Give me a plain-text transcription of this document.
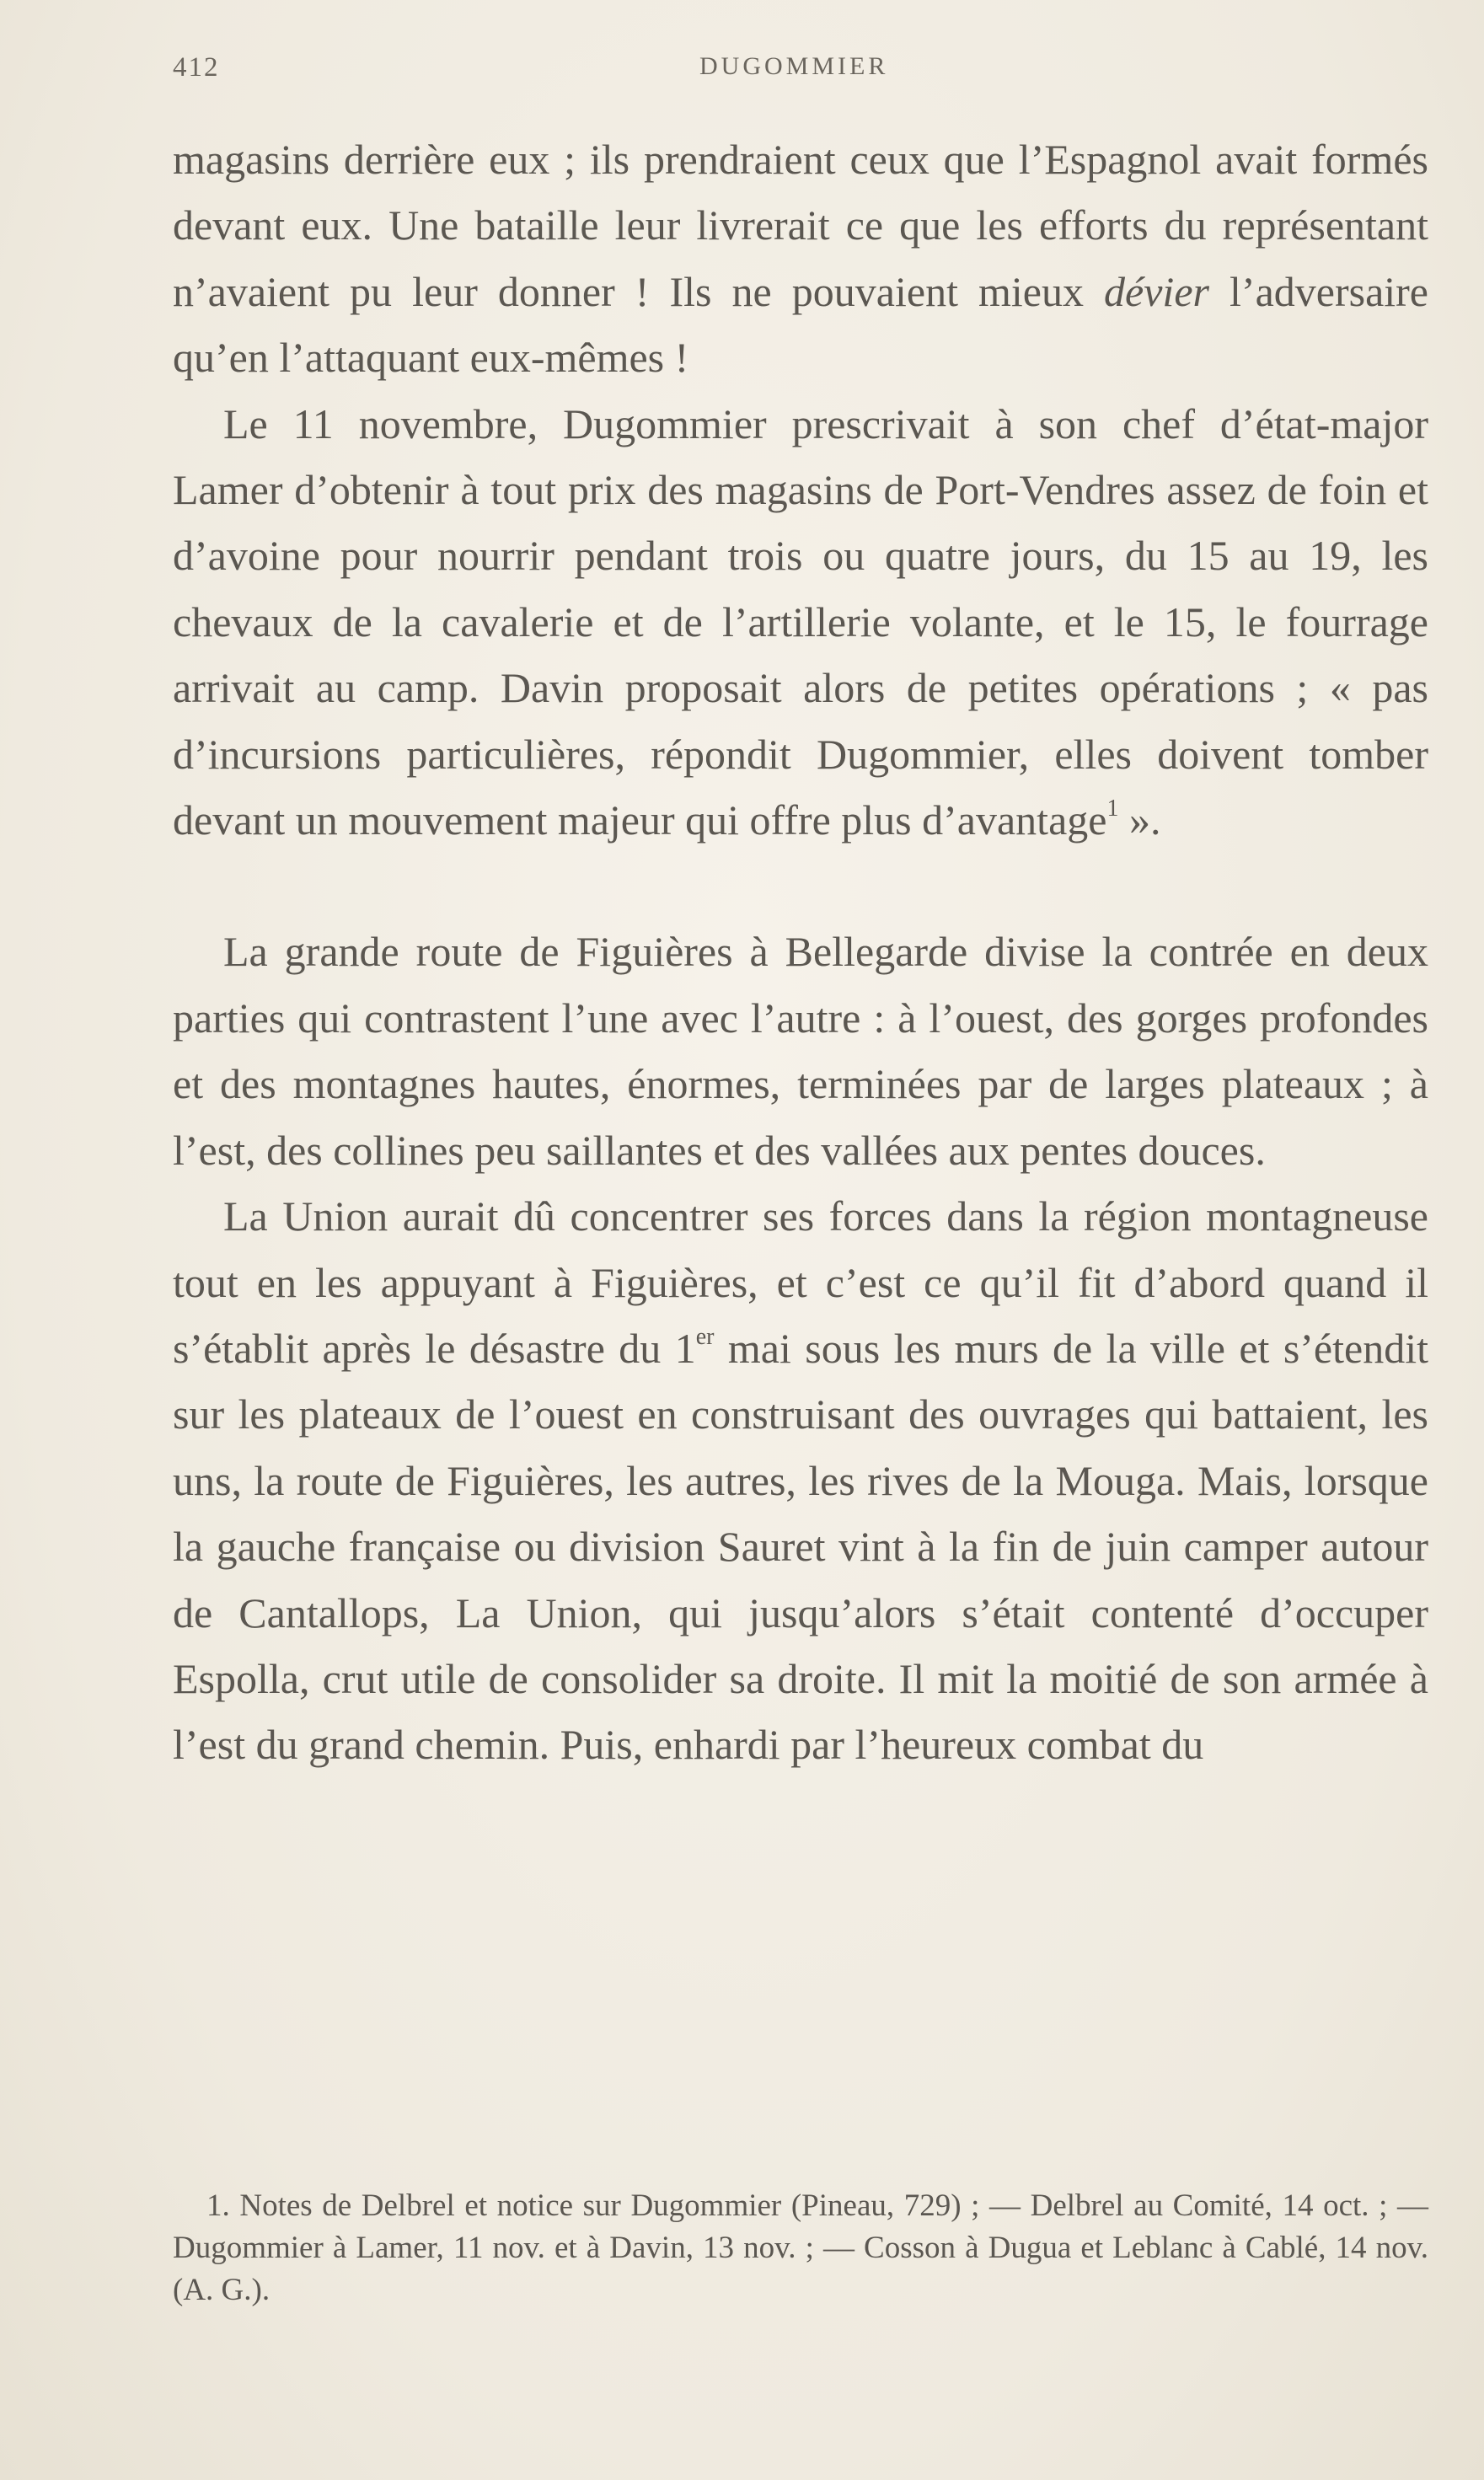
412	DUGOMMIER

magasins derrière eux ; ils prendraient ceux que l’Espagnol avait formés devant eux. Une bataille leur livrerait ce que les efforts du représentant n’avaient pu leur donner ! Ils ne pouvaient mieux dévier l’adversaire qu’en l’attaquant eux-mêmes !

Le 11 novembre, Dugommier prescrivait à son chef d’état-major Lamer d’obtenir à tout prix des magasins de Port-Vendres assez de foin et d’avoine pour nourrir pendant trois ou quatre jours, du 15 au 19, les chevaux de la cavalerie et de l’artillerie volante, et le 15, le fourrage arrivait au camp. Davin proposait alors de petites opérations ; « pas d’incursions particulières, répondit Dugommier, elles doivent tomber devant un mouvement majeur qui offre plus d’avantage$^1$ ».

La grande route de Figuières à Bellegarde divise la contrée en deux parties qui contrastent l’une avec l’autre : à l’ouest, des gorges profondes et des montagnes hautes, énormes, terminées par de larges plateaux ; à l’est, des collines peu saillantes et des vallées aux pentes douces.

La Union aurait dû concentrer ses forces dans la région montagneuse tout en les appuyant à Figuières, et c’est ce qu’il fit d’abord quand il s’établit après le désastre du 1er mai sous les murs de la ville et s’étendit sur les plateaux de l’ouest en construisant des ouvrages qui battaient, les uns, la route de Figuières, les autres, les rives de la Mouga. Mais, lorsque la gauche française ou division Sauret vint à la fin de juin camper autour de Cantallops, La Union, qui jusqu’alors s’était contenté d’occuper Espolla, crut utile de consolider sa droite. Il mit la moitié de son armée à l’est du grand chemin. Puis, enhardi par l’heureux combat du

1. Notes de Delbrel et notice sur Dugommier (Pineau, 729) ; — Delbrel au Comité, 14 oct. ; — Dugommier à Lamer, 11 nov. et à Davin, 13 nov. ; — Cosson à Dugua et Leblanc à Cablé, 14 nov. (A. G.).
